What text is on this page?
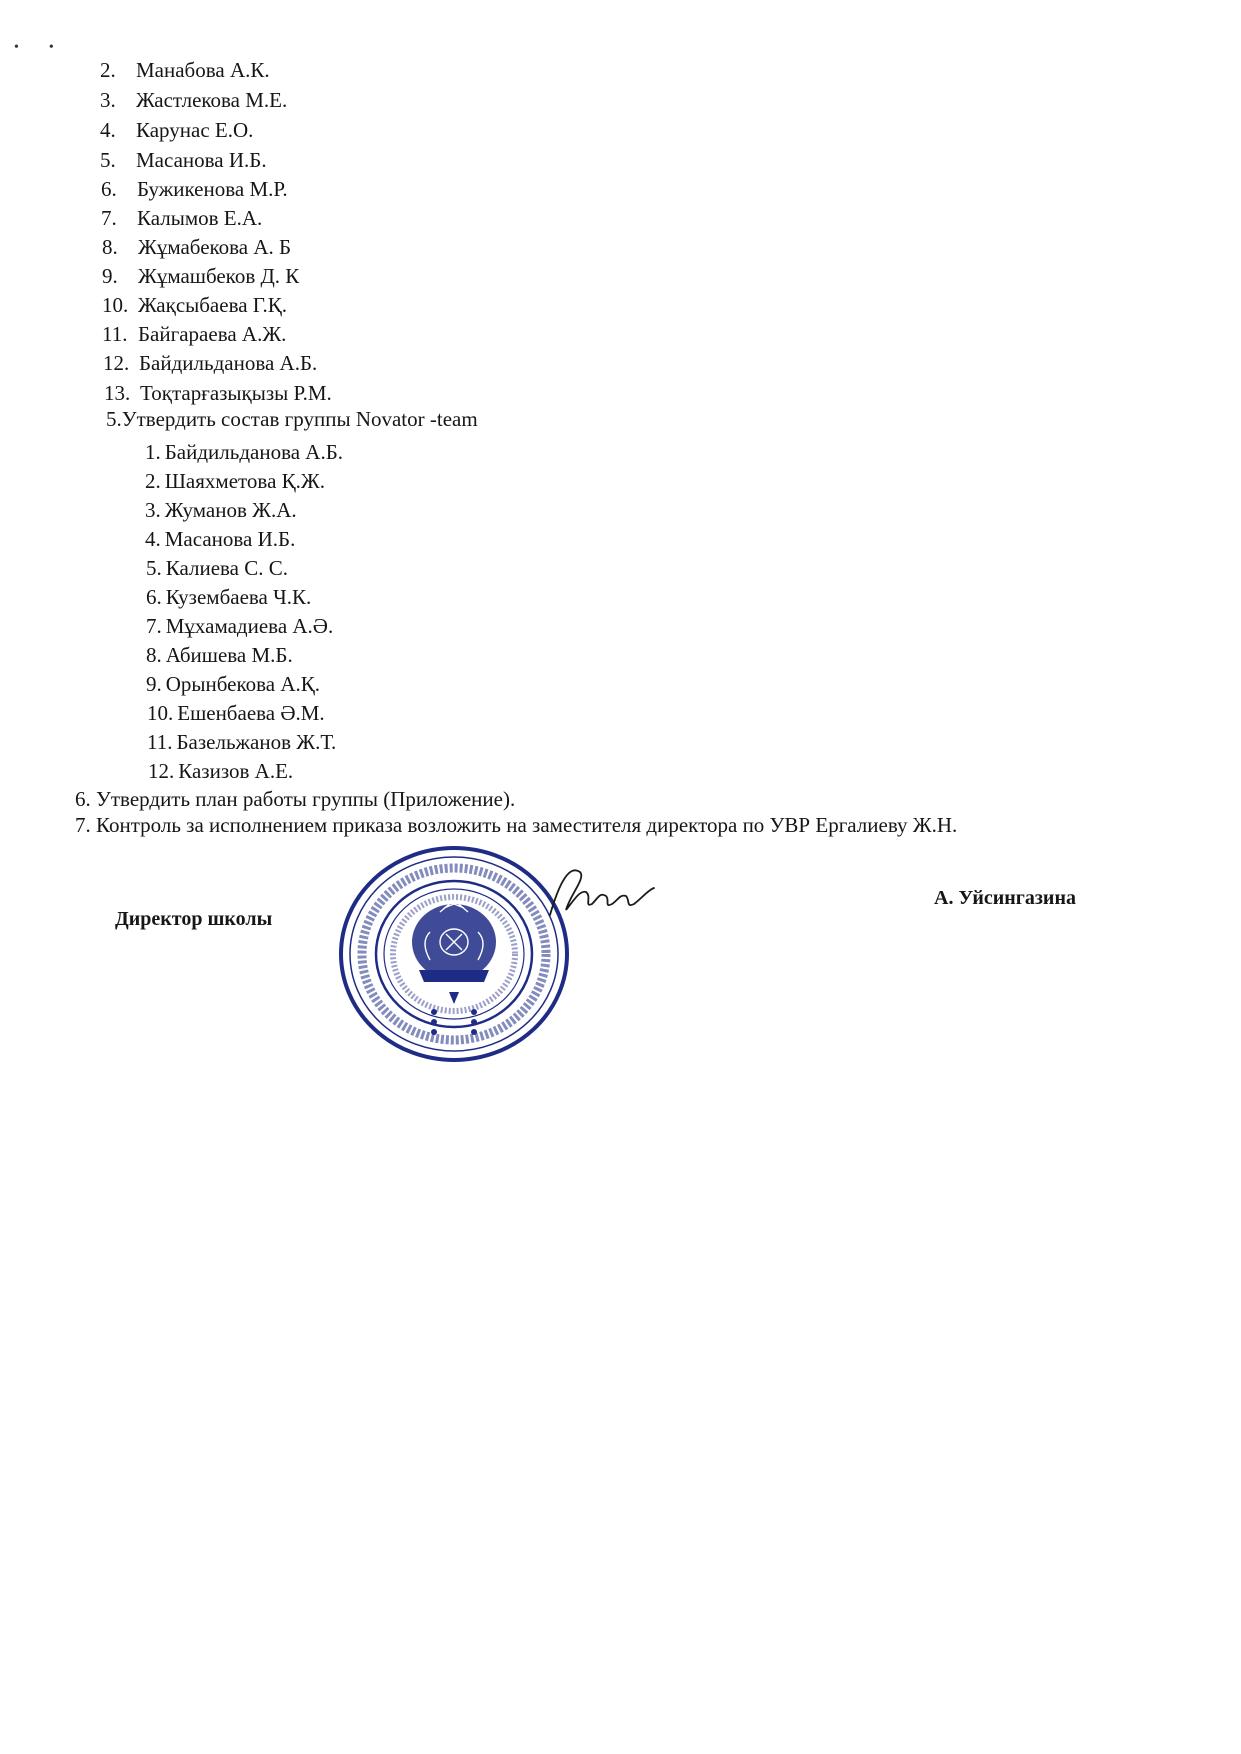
••
2. Манабова А.К.
3. Жастлекова М.Е.
4. Карунас Е.О.
5. Масанова И.Б.
6. Бужикенова М.Р.
7. Калымов Е.А.
8. Жұмабекова А. Б
9. Жұмашбеков Д. К
10. Жақсыбаева Г.Қ.
11. Байгараева А.Ж.
12. Байдильданова А.Б.
13. Тоқтарғазықызы Р.М.
5.Утвердить состав группы Novator -team
1. Байдильданова А.Б.
2. Шаяхметова Қ.Ж.
3. Жуманов Ж.А.
4. Масанова И.Б.
5. Калиева С. С.
6. Кузембаева Ч.К.
7. Мұхамадиева А.Ә.
8. Абишева М.Б.
9. Орынбекова А.Қ.
10. Ешенбаева Ә.М.
11. Базельжанов Ж.Т.
12. Казизов А.Е.
6. Утвердить план работы группы (Приложение).
7. Контроль за исполнением приказа возложить на заместителя директора по УВР Ергалиеву Ж.Н.
Директор школы
А. Уйсингазина
